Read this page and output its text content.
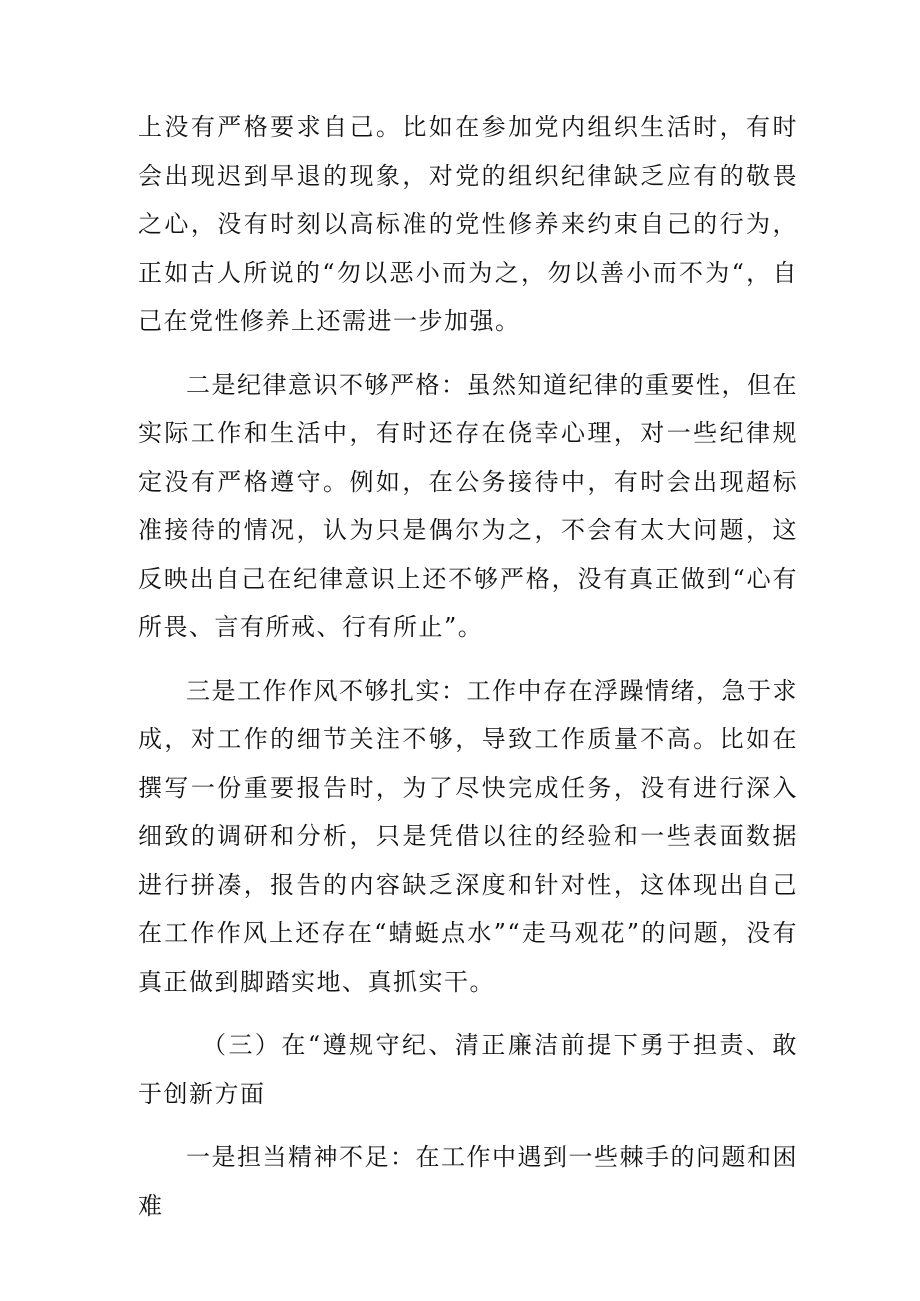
上没有严格要求自己。比如在参加党内组织生活时，有时会出现迟到早退的现象，对党的组织纪律缺乏应有的敬畏之心，没有时刻以高标准的党性修养来约束自己的行为，正如古人所说的“勿以恶小而为之，勿以善小而不为“，自己在党性修养上还需进一步加强。

二是纪律意识不够严格：虽然知道纪律的重要性，但在实际工作和生活中，有时还存在侥幸心理，对一些纪律规定没有严格遵守。例如，在公务接待中，有时会出现超标准接待的情况，认为只是偶尔为之，不会有太大问题，这反映出自己在纪律意识上还不够严格，没有真正做到“心有所畏、言有所戒、行有所止”。

三是工作作风不够扎实：工作中存在浮躁情绪，急于求成，对工作的细节关注不够，导致工作质量不高。比如在撰写一份重要报告时，为了尽快完成任务，没有进行深入细致的调研和分析，只是凭借以往的经验和一些表面数据进行拼凑，报告的内容缺乏深度和针对性，这体现出自己在工作作风上还存在“蜻蜓点水”“走马观花”的问题，没有真正做到脚踏实地、真抓实干。

（三）在“遵规守纪、清正廉洁前提下勇于担责、敢于创新方面

一是担当精神不足：在工作中遇到一些棘手的问题和困难
